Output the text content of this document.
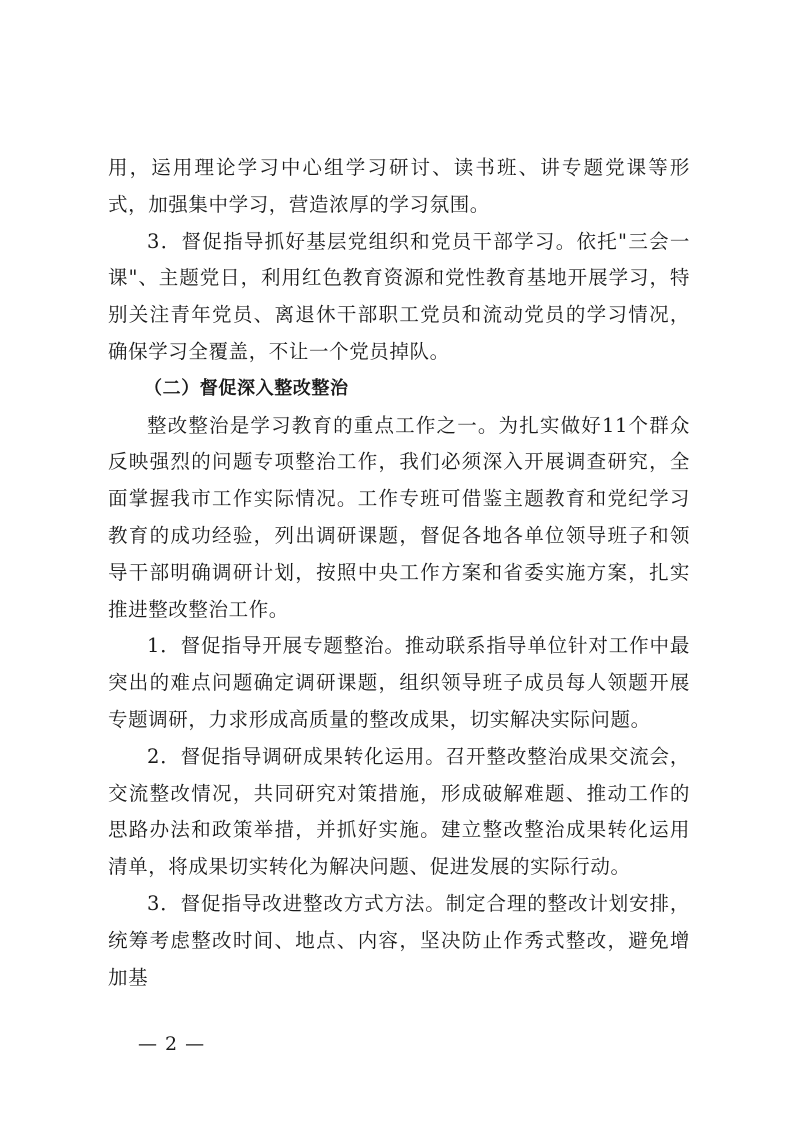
用，运用理论学习中心组学习研讨、读书班、讲专题党课等形式，加强集中学习，营造浓厚的学习氛围。

3．督促指导抓好基层党组织和党员干部学习。依托"三会一课"、主题党日，利用红色教育资源和党性教育基地开展学习，特别关注青年党员、离退休干部职工党员和流动党员的学习情况，确保学习全覆盖，不让一个党员掉队。

（二）督促深入整改整治

整改整治是学习教育的重点工作之一。为扎实做好11个群众反映强烈的问题专项整治工作，我们必须深入开展调查研究，全面掌握我市工作实际情况。工作专班可借鉴主题教育和党纪学习教育的成功经验，列出调研课题，督促各地各单位领导班子和领导干部明确调研计划，按照中央工作方案和省委实施方案，扎实推进整改整治工作。

1．督促指导开展专题整治。推动联系指导单位针对工作中最突出的难点问题确定调研课题，组织领导班子成员每人领题开展专题调研，力求形成高质量的整改成果，切实解决实际问题。

2．督促指导调研成果转化运用。召开整改整治成果交流会，交流整改情况，共同研究对策措施，形成破解难题、推动工作的思路办法和政策举措，并抓好实施。建立整改整治成果转化运用清单，将成果切实转化为解决问题、促进发展的实际行动。

3．督促指导改进整改方式方法。制定合理的整改计划安排，统筹考虑整改时间、地点、内容，坚决防止作秀式整改，避免增加基

— 2 —
